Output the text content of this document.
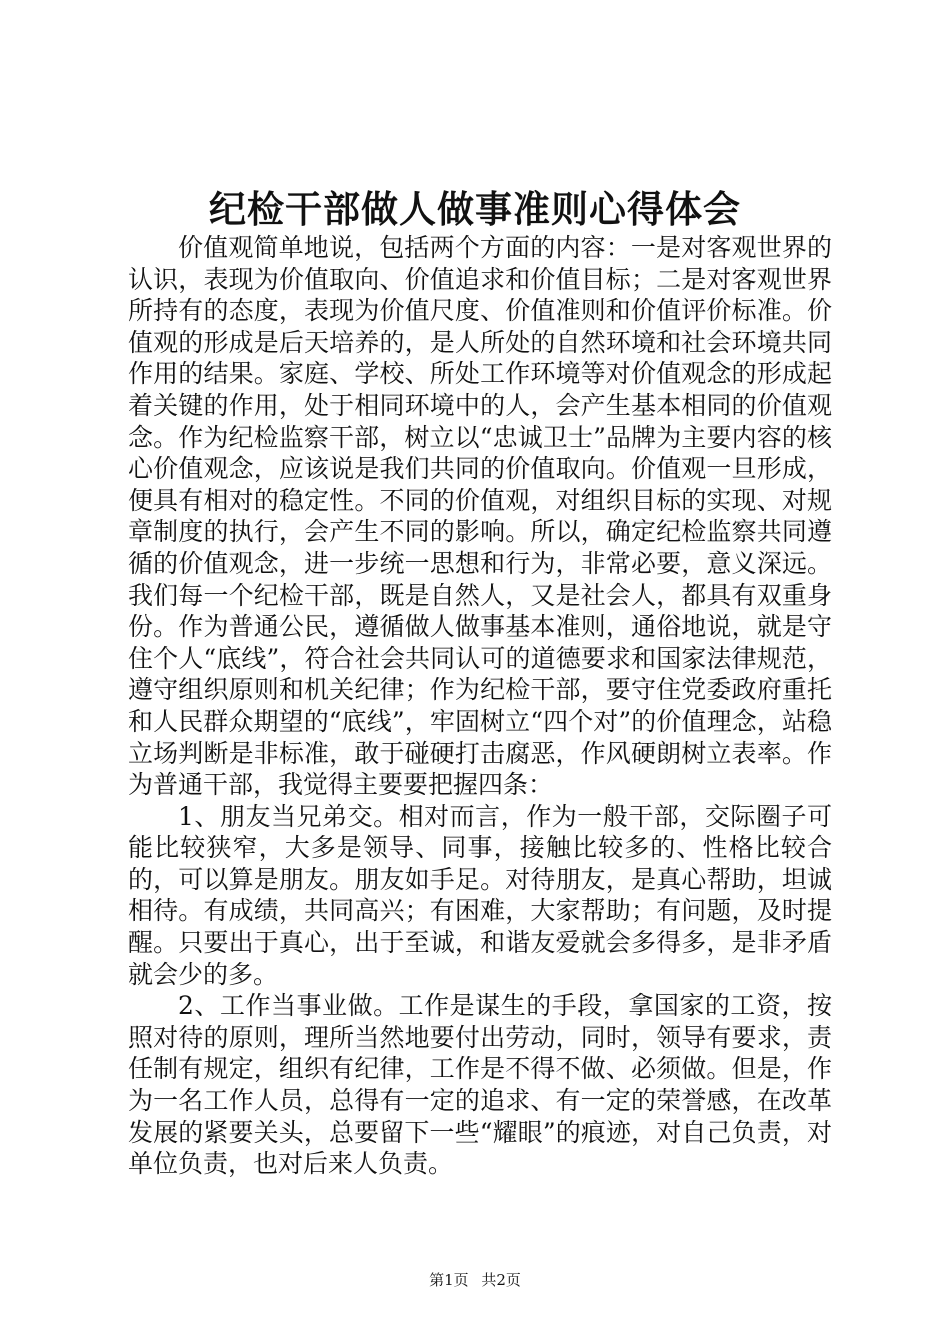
纪检干部做人做事准则心得体会

价值观简单地说，包括两个方面的内容：一是对客观世界的认识，表现为价值取向、价值追求和价值目标；二是对客观世界所持有的态度，表现为价值尺度、价值准则和价值评价标准。价值观的形成是后天培养的，是人所处的自然环境和社会环境共同作用的结果。家庭、学校、所处工作环境等对价值观念的形成起着关键的作用，处于相同环境中的人，会产生基本相同的价值观念。作为纪检监察干部，树立以“忠诚卫士”品牌为主要内容的核心价值观念，应该说是我们共同的价值取向。价值观一旦形成，便具有相对的稳定性。不同的价值观，对组织目标的实现、对规章制度的执行，会产生不同的影响。所以，确定纪检监察共同遵循的价值观念，进一步统一思想和行为，非常必要，意义深远。我们每一个纪检干部，既是自然人，又是社会人，都具有双重身份。作为普通公民，遵循做人做事基本准则，通俗地说，就是守住个人“底线”，符合社会共同认可的道德要求和国家法律规范，遵守组织原则和机关纪律；作为纪检干部，要守住党委政府重托和人民群众期望的“底线”，牢固树立“四个对”的价值理念，站稳立场判断是非标准，敢于碰硬打击腐恶，作风硬朗树立表率。作为普通干部，我觉得主要要把握四条：

1、朋友当兄弟交。相对而言，作为一般干部，交际圈子可能比较狭窄，大多是领导、同事，接触比较多的、性格比较合的，可以算是朋友。朋友如手足。对待朋友，是真心帮助，坦诚相待。有成绩，共同高兴；有困难，大家帮助；有问题，及时提醒。只要出于真心，出于至诚，和谐友爱就会多得多，是非矛盾就会少的多。

2、工作当事业做。工作是谋生的手段，拿国家的工资，按照对待的原则，理所当然地要付出劳动，同时，领导有要求，责任制有规定，组织有纪律，工作是不得不做、必须做。但是，作为一名工作人员，总得有一定的追求、有一定的荣誉感，在改革发展的紧要关头，总要留下一些“耀眼”的痕迹，对自己负责，对单位负责，也对后来人负责。

第1页 共2页
